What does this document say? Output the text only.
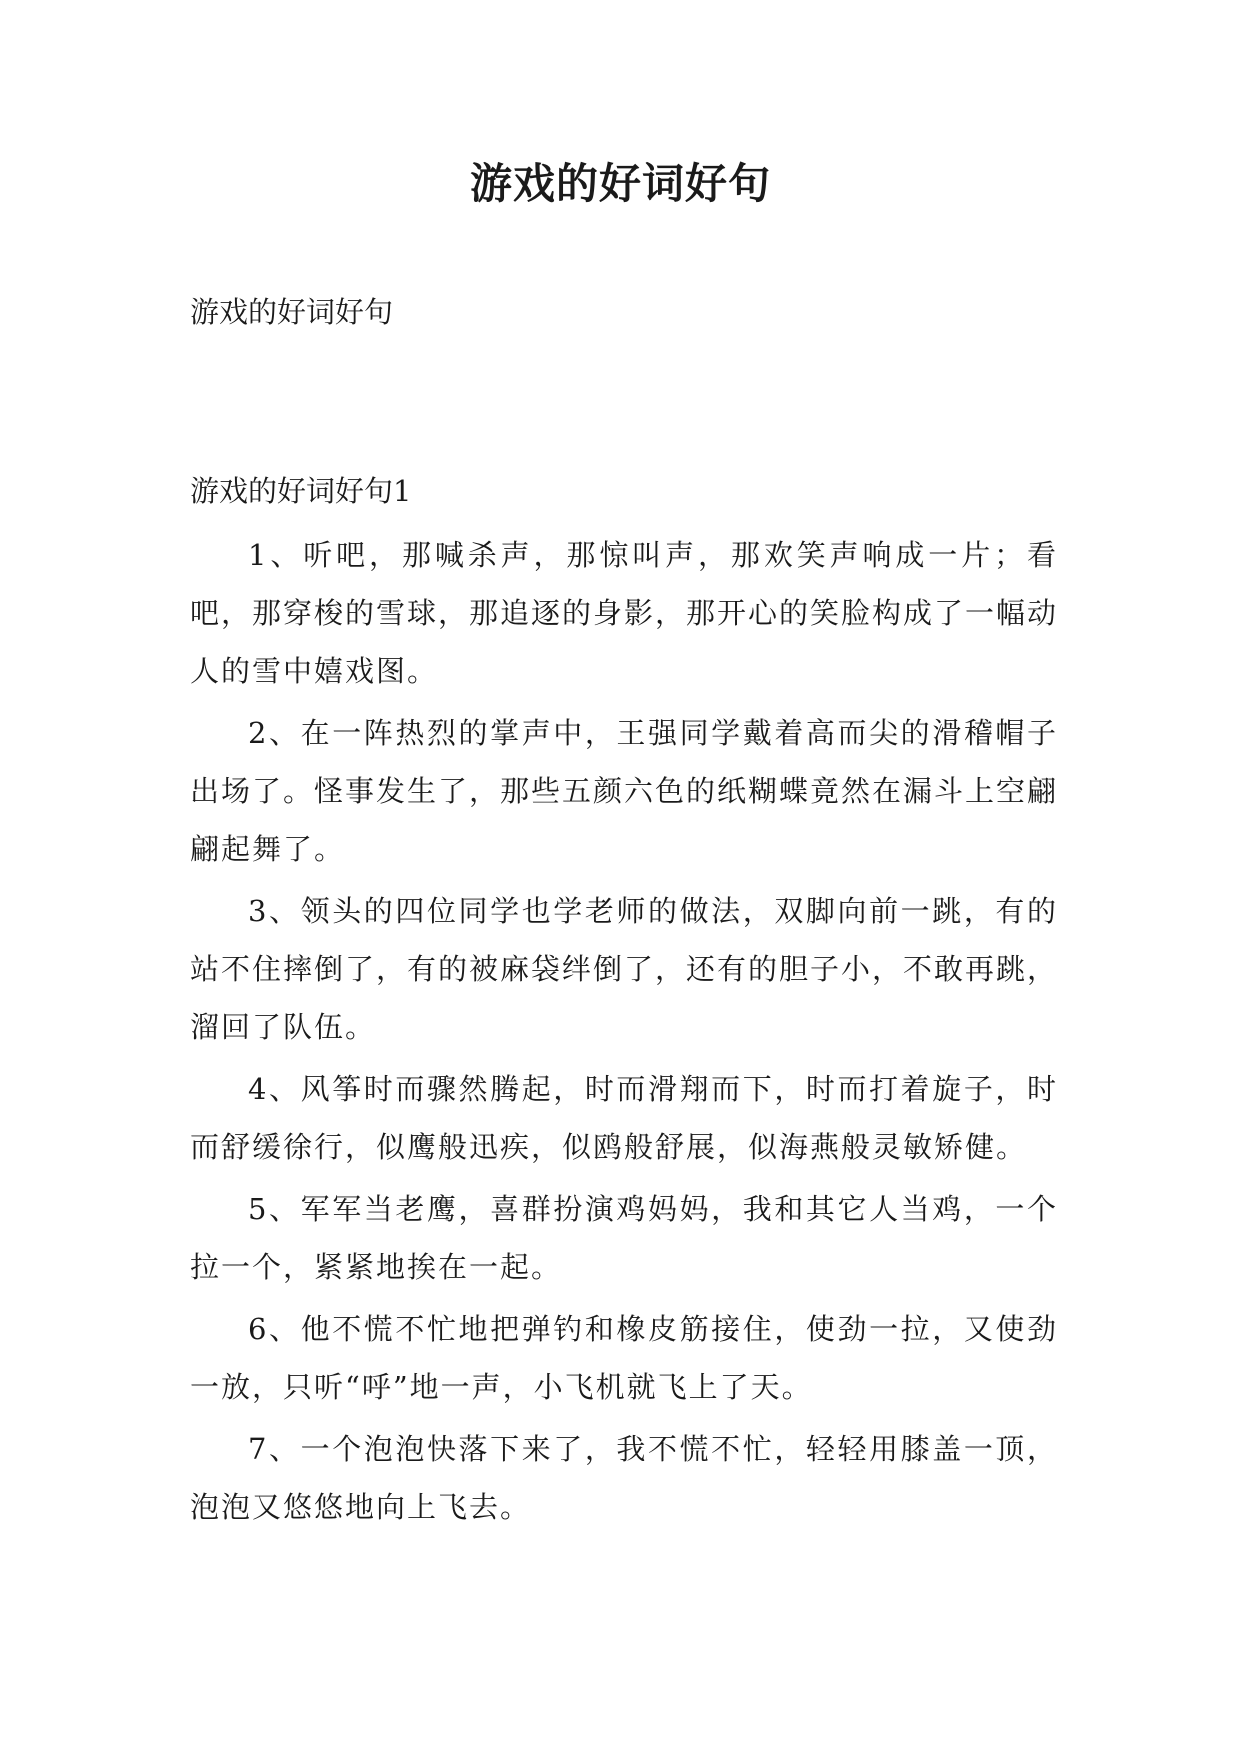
游戏的好词好句

游戏的好词好句

游戏的好词好句1

1、听吧，那喊杀声，那惊叫声，那欢笑声响成一片；看吧，那穿梭的雪球，那追逐的身影，那开心的笑脸构成了一幅动人的雪中嬉戏图。

2、在一阵热烈的掌声中，王强同学戴着高而尖的滑稽帽子出场了。怪事发生了，那些五颜六色的纸糊蝶竟然在漏斗上空翩翩起舞了。

3、领头的四位同学也学老师的做法，双脚向前一跳，有的站不住摔倒了，有的被麻袋绊倒了，还有的胆子小，不敢再跳，溜回了队伍。

4、风筝时而骤然腾起，时而滑翔而下，时而打着旋子，时而舒缓徐行，似鹰般迅疾，似鸥般舒展，似海燕般灵敏矫健。

5、军军当老鹰，喜群扮演鸡妈妈，我和其它人当鸡，一个拉一个，紧紧地挨在一起。

6、他不慌不忙地把弹钓和橡皮筋接住，使劲一拉，又使劲一放，只听“呼”地一声，小飞机就飞上了天。

7、一个泡泡快落下来了，我不慌不忙，轻轻用膝盖一顶，泡泡又悠悠地向上飞去。
